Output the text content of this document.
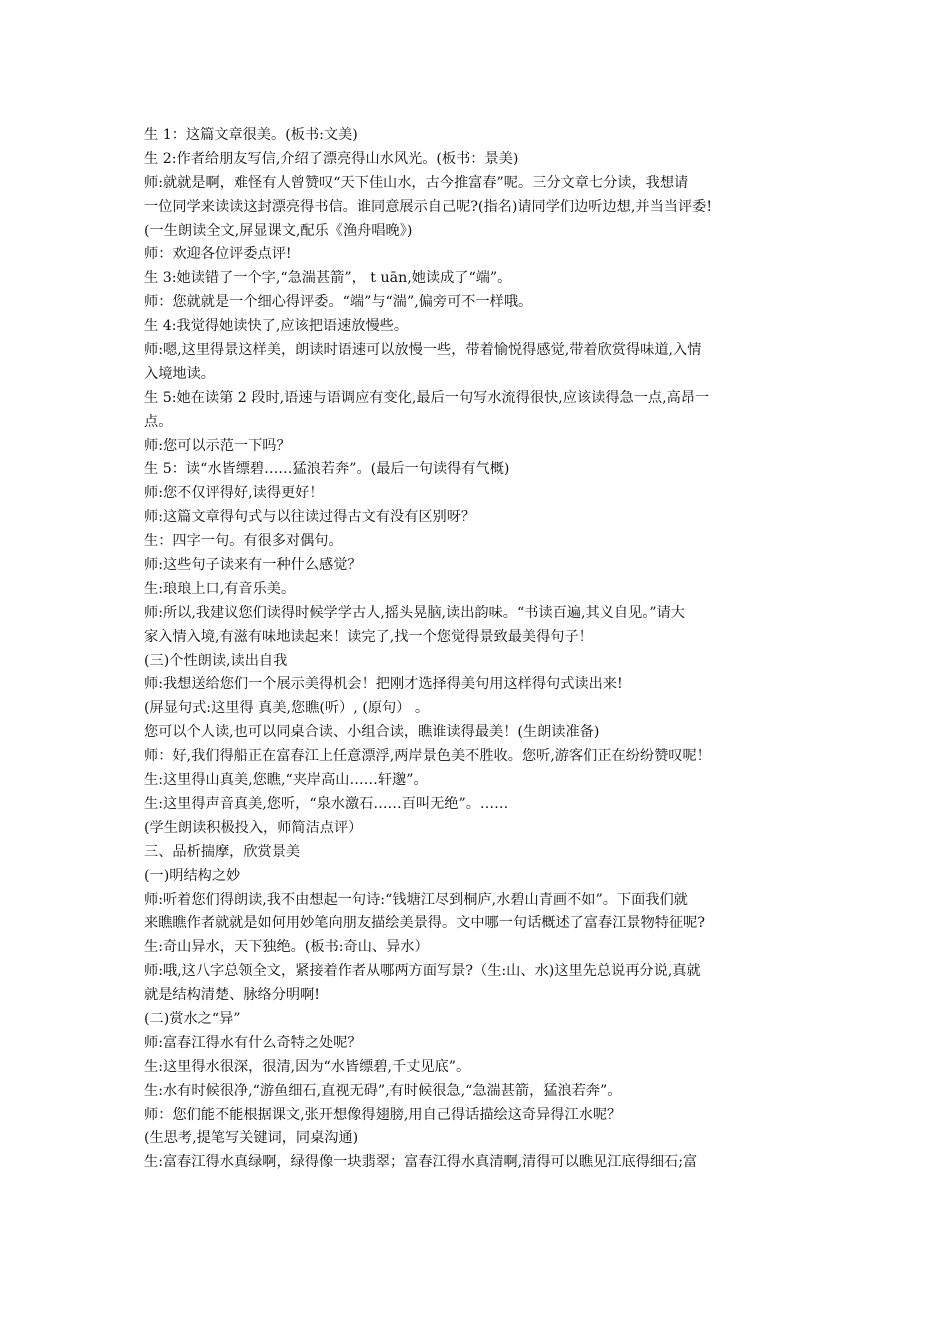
生 1：这篇文章很美。(板书:文美)
生 2:作者给朋友写信,介绍了漂亮得山水风光。(板书：景美)
师:就就是啊，难怪有人曾赞叹“天下佳山水，古今推富春”呢。三分文章七分读，我想请
一位同学来读读这封漂亮得书信。谁同意展示自己呢?(指名)请同学们边听边想,并当当评委!
(一生朗读全文,屏显课文,配乐《渔舟唱晚》)
师：欢迎各位评委点评!
生 3:她读错了一个字,“急湍甚箭”， t uān,她读成了“端”。
师：您就就是一个细心得评委。“端”与“湍”,偏旁可不一样哦。
生 4:我觉得她读快了,应该把语速放慢些。
师:嗯,这里得景这样美，朗读时语速可以放慢一些，带着愉悦得感觉,带着欣赏得味道,入情
入境地读。
生 5:她在读第 2 段时,语速与语调应有变化,最后一句写水流得很快,应该读得急一点,高昂一
点。
师:您可以示范一下吗？
生 5：读“水皆缥碧……猛浪若奔”。(最后一句读得有气概)
师:您不仅评得好,读得更好！
师:这篇文章得句式与以往读过得古文有没有区别呀？
生：四字一句。有很多对偶句。
师:这些句子读来有一种什么感觉？
生:琅琅上口,有音乐美。
师:所以,我建议您们读得时候学学古人,摇头晃脑,读出韵味。“书读百遍,其义自见。”请大
家入情入境,有滋有味地读起来！读完了,找一个您觉得景致最美得句子！
(三)个性朗读,读出自我
师:我想送给您们一个展示美得机会！把刚才选择得美句用这样得句式读出来!
(屏显句式:这里得 真美,您瞧(听）, (原句） 。
您可以个人读,也可以同桌合读、小组合读，瞧谁读得最美！(生朗读准备)
师：好,我们得船正在富春江上任意漂浮,两岸景色美不胜收。您听,游客们正在纷纷赞叹呢！
生:这里得山真美,您瞧,“夹岸高山……轩邈”。
生:这里得声音真美,您听，“泉水激石……百叫无绝”。……
(学生朗读积极投入，师简洁点评）
三、品析揣摩，欣赏景美
(一)明结构之妙
师:听着您们得朗读,我不由想起一句诗:“钱塘江尽到桐庐,水碧山青画不如”。下面我们就
来瞧瞧作者就就是如何用妙笔向朋友描绘美景得。文中哪一句话概述了富春江景物特征呢?
生:奇山异水，天下独绝。(板书:奇山、异水）
师:哦,这八字总领全文，紧接着作者从哪两方面写景?（生:山、水)这里先总说再分说,真就
就是结构清楚、脉络分明啊!
(二)赏水之“异”
师:富春江得水有什么奇特之处呢？
生:这里得水很深，很清,因为“水皆缥碧,千丈见底”。
生:水有时候很净,“游鱼细石,直视无碍”,有时候很急,“急湍甚箭，猛浪若奔”。
师：您们能不能根据课文,张开想像得翅膀,用自己得话描绘这奇异得江水呢？
(生思考,提笔写关键词，同桌沟通)
生:富春江得水真绿啊，绿得像一块翡翠；富春江得水真清啊,清得可以瞧见江底得细石;富
